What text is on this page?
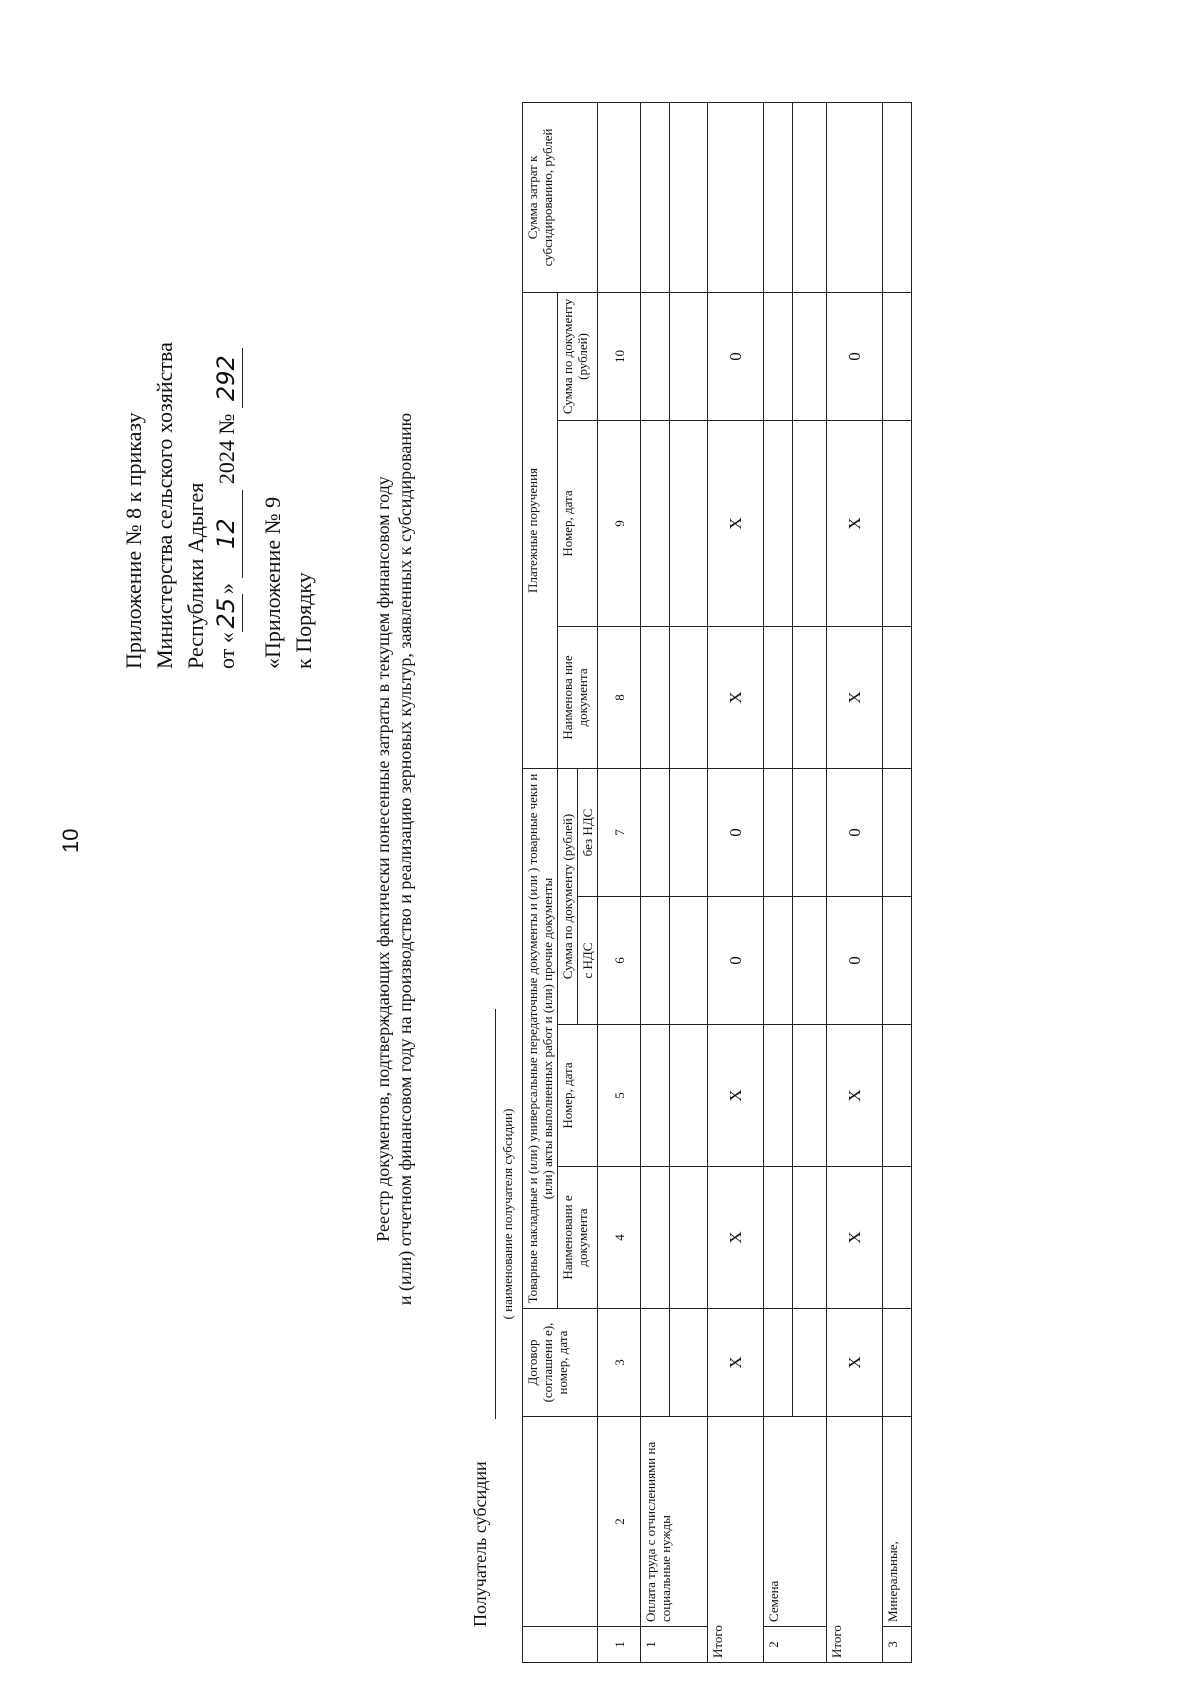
10
Приложение № 8 к приказу Министерства сельского хозяйства Республики Адыгея от «25» 12 2024 № 292
«Приложение № 9 к Порядку	Реестр документов, подтверждающих фактически понесенные затраты в текущем финансовом году и (или) отчетном финансовом году на производство и реализацию зерновых культур, заявленных к субсидированию
Получатель субсидии
( наименование получателя субсидии)
		Договор (соглашени е), номер, дата	Товарные накладные и (или) универсальные передаточные документы и (или ) товарные чеки и (или) акты выполненных работ и (или) прочие документы				Платежные поручения			Сумма затрат к субсидированию, рублей
			Наименовани е документа	Номер, дата	Сумма по документу (рублей)		Наименова ние документа	Номер, дата	Сумма по документу (рублей)	
					с НДС	без НДС				
1	2	3	4	5	6	7	8	9	10	
1	Оплата труда с отчислениями на социальные нужды									

Итого		X	X	X	0	0	X	X	0	
2	Семена									

Итого		X	X	X	0	0	X	X	0	
3	Минеральные,									
